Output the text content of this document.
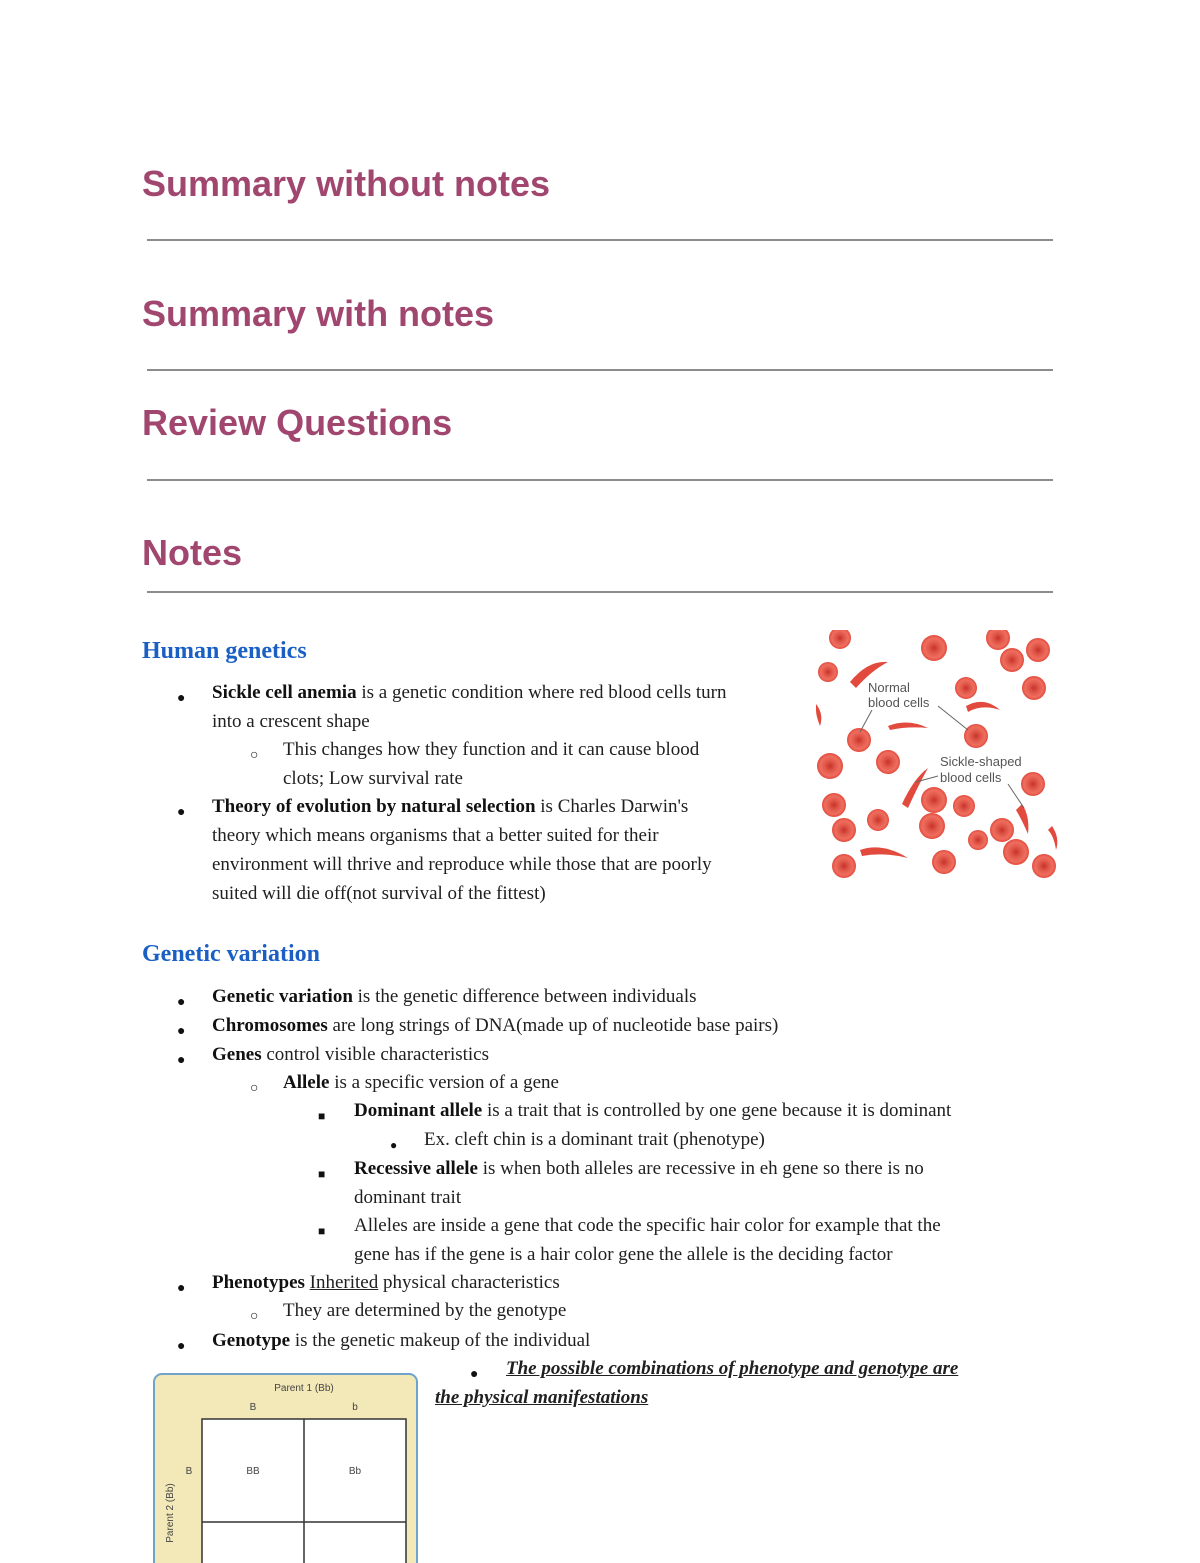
Summary without notes
Summary with notes
Review Questions
Notes
Human genetics
● Sickle cell anemia is a genetic condition where red blood cells turn
into a crescent shape
○ This changes how they function and it can cause blood
clots; Low survival rate
● Theory of evolution by natural selection is Charles Darwin's
theory which means organisms that a better suited for their
environment will thrive and reproduce while those that are poorly
suited will die off(not survival of the fittest)
Normal
blood cells
Sickle-shaped
blood cells
Genetic variation
● Genetic variation is the genetic difference between individuals
● Chromosomes are long strings of DNA(made up of nucleotide base pairs)
● Genes control visible characteristics
○ Allele is a specific version of a gene
■ Dominant allele is a trait that is controlled by one gene because it is dominant
● Ex. cleft chin is a dominant trait (phenotype)
■ Recessive allele is when both alleles are recessive in eh gene so there is no
dominant trait
■ Alleles are inside a gene that code the specific hair color for example that the
gene has if the gene is a hair color gene the allele is the deciding factor
● Phenotypes Inherited physical characteristics
○ They are determined by the genotype
● Genotype is the genetic makeup of the individual
● The possible combinations of phenotype and genotype are
the physical manifestations
Parent 1 (Bb)
B	b
B	BB	Bb
Parent 2 (Bb)
